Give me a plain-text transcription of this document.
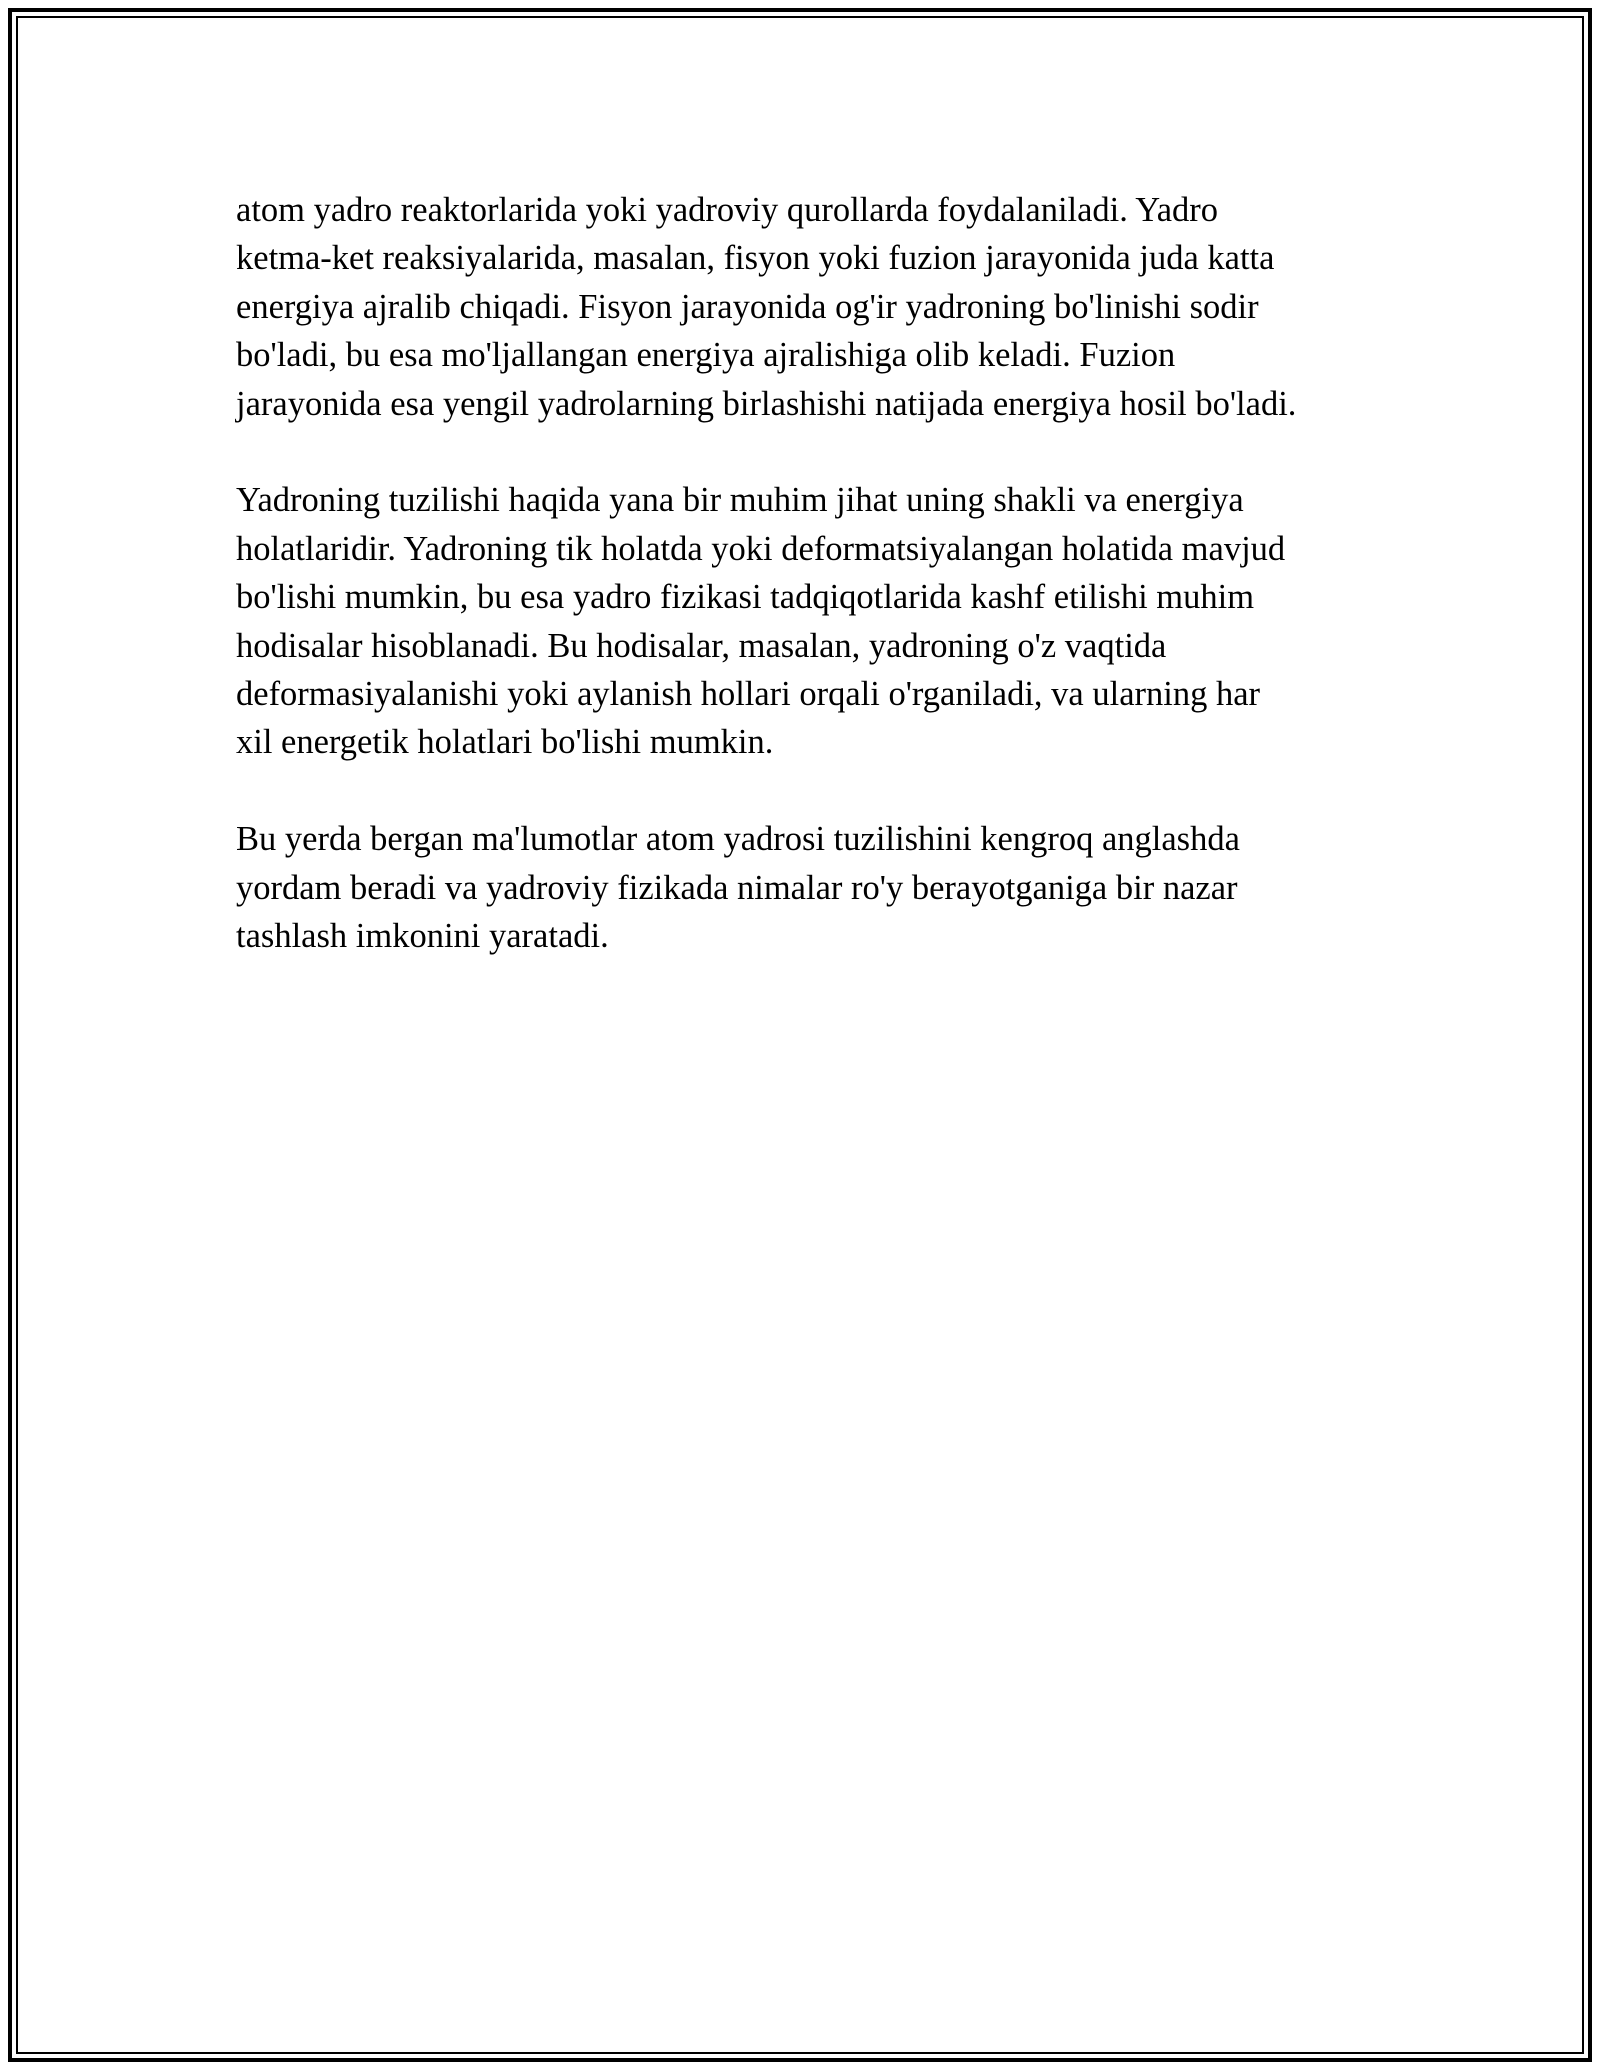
atom yadro reaktorlarida yoki yadroviy qurollarda foydalaniladi. Yadro
ketma-ket reaksiyalarida, masalan, fisyon yoki fuzion jarayonida juda katta
energiya ajralib chiqadi. Fisyon jarayonida og'ir yadroning bo'linishi sodir
bo'ladi, bu esa mo'ljallangan energiya ajralishiga olib keladi. Fuzion
jarayonida esa yengil yadrolarning birlashishi natijada energiya hosil bo'ladi.

Yadroning tuzilishi haqida yana bir muhim jihat uning shakli va energiya
holatlaridir. Yadroning tik holatda yoki deformatsiyalangan holatida mavjud
bo'lishi mumkin, bu esa yadro fizikasi tadqiqotlarida kashf etilishi muhim
hodisalar hisoblanadi. Bu hodisalar, masalan, yadroning o'z vaqtida
deformasiyalanishi yoki aylanish hollari orqali o'rganiladi, va ularning har
xil energetik holatlari bo'lishi mumkin.

Bu yerda bergan ma'lumotlar atom yadrosi tuzilishini kengroq anglashda
yordam beradi va yadroviy fizikada nimalar ro'y berayotganiga bir nazar
tashlash imkonini yaratadi.
